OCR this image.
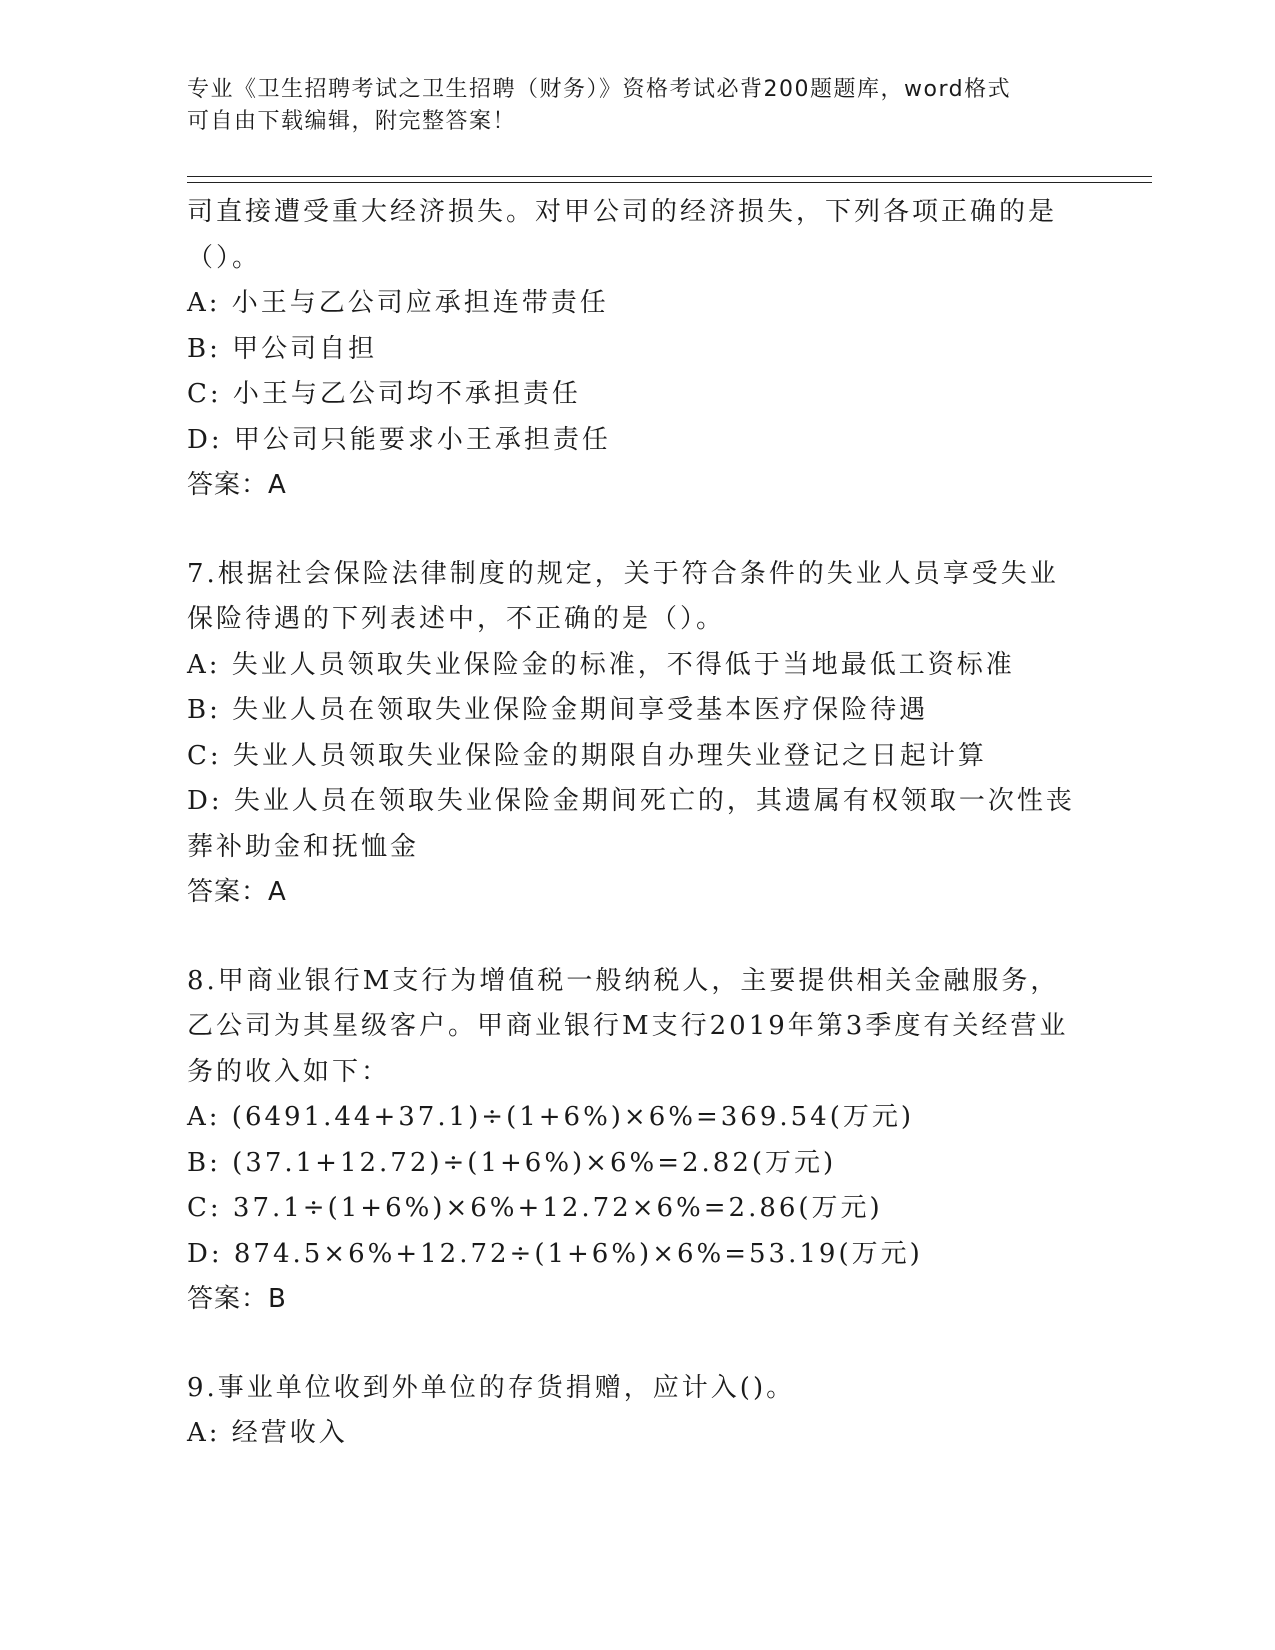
专业《卫生招聘考试之卫生招聘（财务）》资格考试必背200题题库，word格式
可自由下载编辑，附完整答案！
司直接遭受重大经济损失。对甲公司的经济损失，下列各项正确的是
（）。
A: 小王与乙公司应承担连带责任
B: 甲公司自担
C: 小王与乙公司均不承担责任
D: 甲公司只能要求小王承担责任
答案：A
7.根据社会保险法律制度的规定，关于符合条件的失业人员享受失业
保险待遇的下列表述中，不正确的是（）。
A: 失业人员领取失业保险金的标准，不得低于当地最低工资标准
B: 失业人员在领取失业保险金期间享受基本医疗保险待遇
C: 失业人员领取失业保险金的期限自办理失业登记之日起计算
D: 失业人员在领取失业保险金期间死亡的，其遗属有权领取一次性丧
葬补助金和抚恤金
答案：A
8.甲商业银行M支行为增值税一般纳税人，主要提供相关金融服务，
乙公司为其星级客户。甲商业银行M支行2019年第3季度有关经营业
务的收入如下：
A: (6491.44+37.1)÷(1+6%)×6%=369.54(万元)
B: (37.1+12.72)÷(1+6%)×6%=2.82(万元)
C: 37.1÷(1+6%)×6%+12.72×6%=2.86(万元)
D: 874.5×6%+12.72÷(1+6%)×6%=53.19(万元)
答案：B
9.事业单位收到外单位的存货捐赠，应计入()。
A: 经营收入
